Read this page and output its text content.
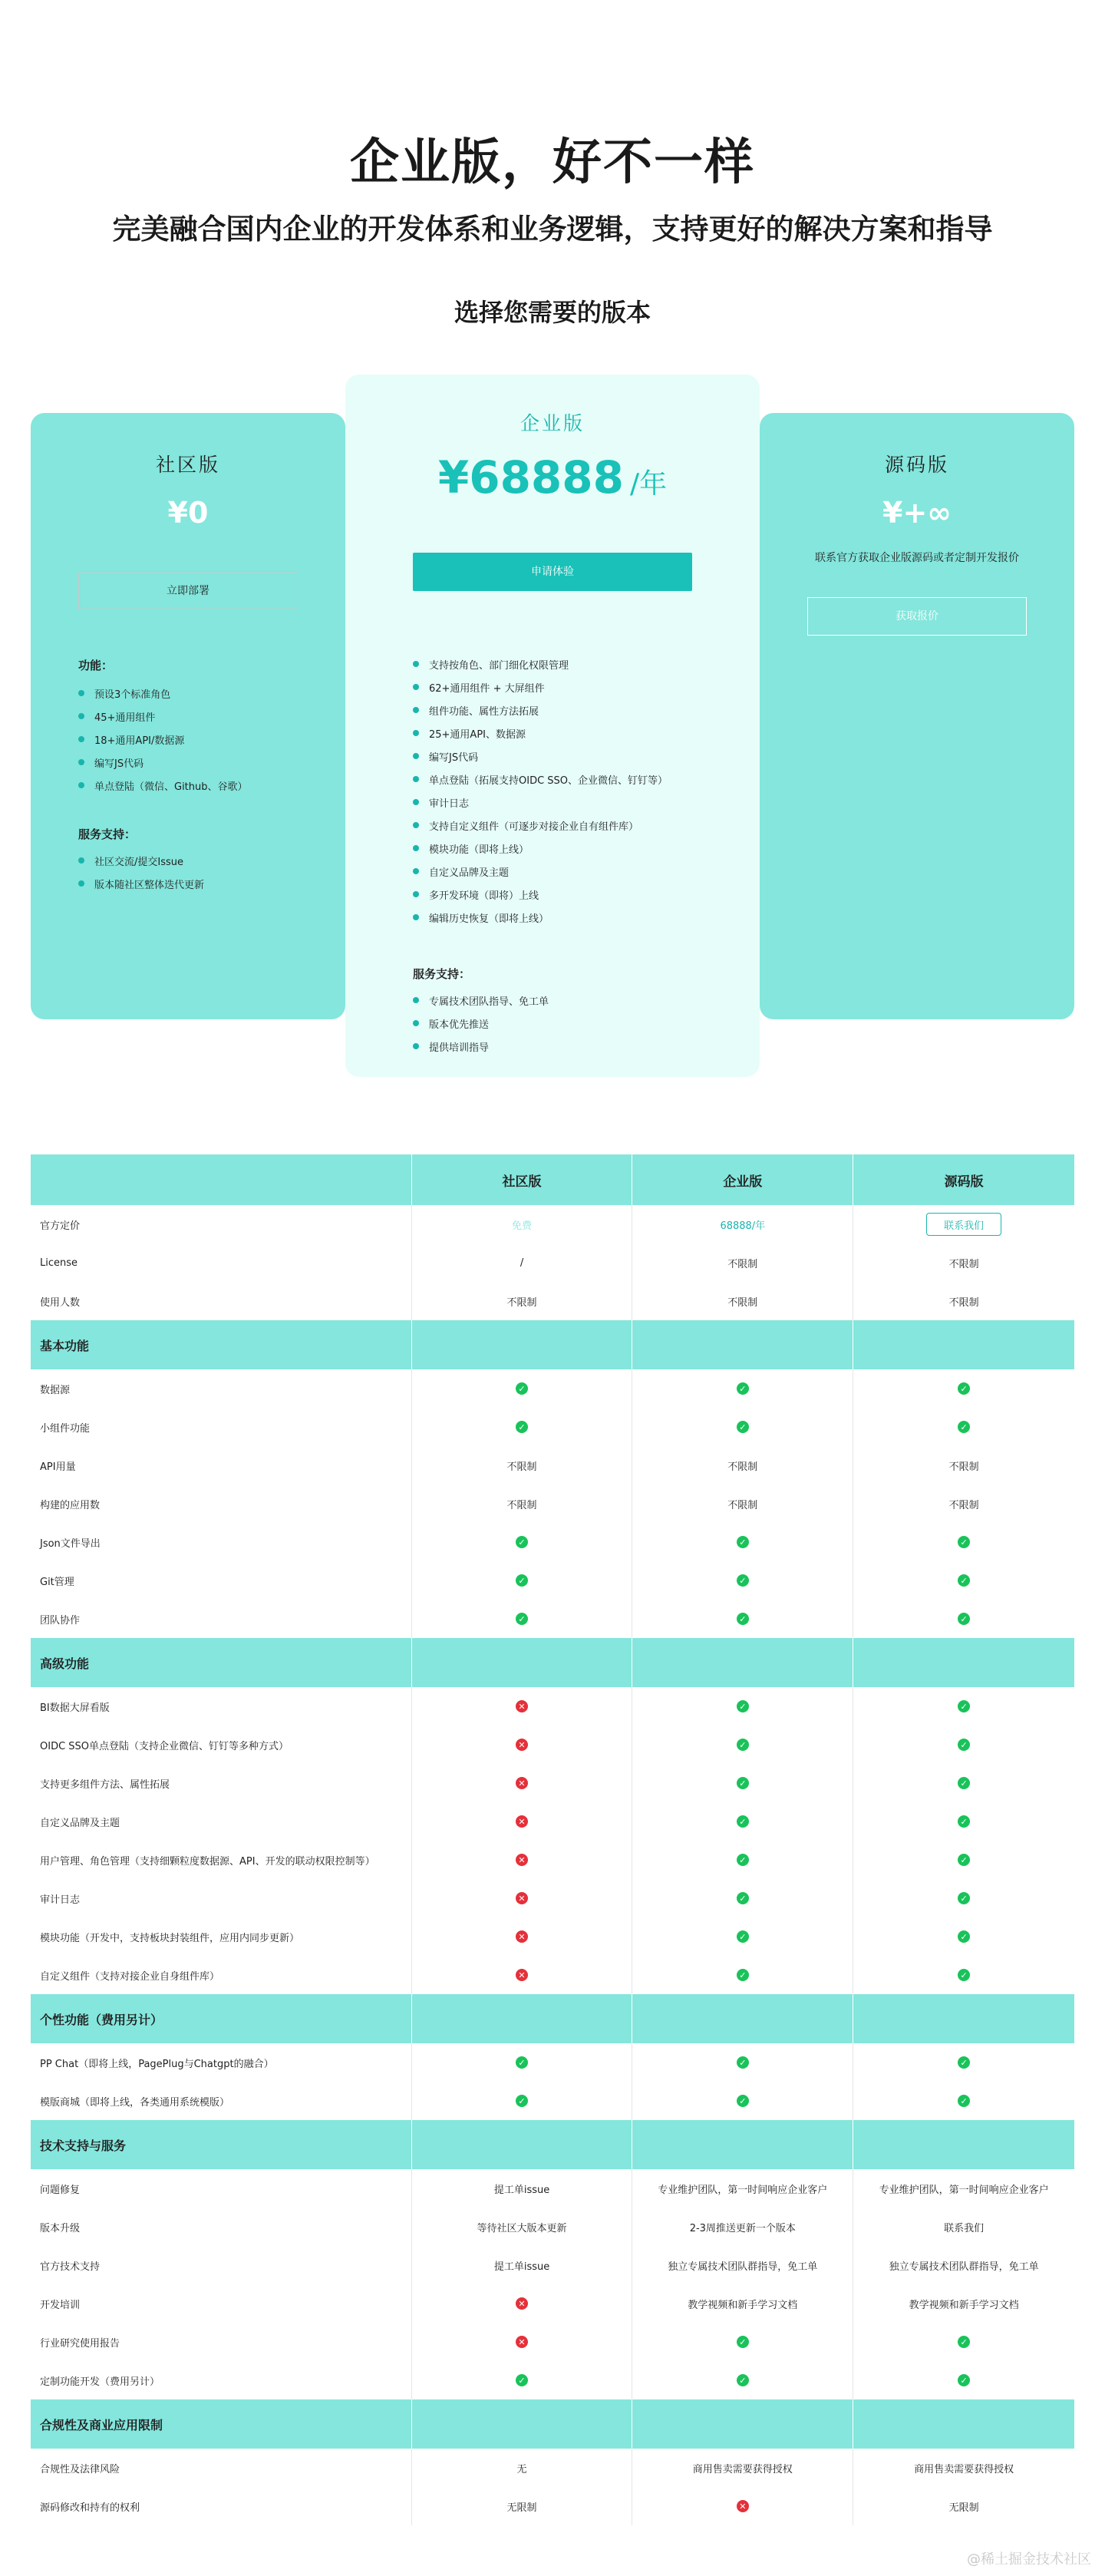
企业版，好不一样
完美融合国内企业的开发体系和业务逻辑，支持更好的解决方案和指导
选择您需要的版本
社区版
¥0
立即部署
功能：
预设3个标准角色
45+通用组件
18+通用API/数据源
编写JS代码
单点登陆（微信、Github、谷歌）
服务支持：
社区交流/提交Issue
版本随社区整体迭代更新
源码版
¥+∞
联系官方获取企业版源码或者定制开发报价
获取报价
企业版
¥68888 /年
申请体验
支持按角色、部门细化权限管理
62+通用组件 + 大屏组件
组件功能、属性方法拓展
25+通用API、数据源
编写JS代码
单点登陆（拓展支持OIDC SSO、企业微信、钉钉等）
审计日志
支持自定义组件（可逐步对接企业自有组件库）
模块功能（即将上线）
自定义品牌及主题
多开发环境（即将）上线
编辑历史恢复（即将上线）
服务支持：
专属技术团队指导、免工单
版本优先推送
提供培训指导
社区版	企业版	源码版
官方定价	免费	68888/年	联系我们
License	/	不限制	不限制
使用人数	不限制	不限制	不限制
基本功能
数据源	✓	✓	✓
小组件功能	✓	✓	✓
API用量	不限制	不限制	不限制
构建的应用数	不限制	不限制	不限制
Json文件导出	✓	✓	✓
Git管理	✓	✓	✓
团队协作	✓	✓	✓
高级功能
BI数据大屏看版	✕	✓	✓
OIDC SSO单点登陆（支持企业微信、钉钉等多种方式）	✕	✓	✓
支持更多组件方法、属性拓展	✕	✓	✓
自定义品牌及主题	✕	✓	✓
用户管理、角色管理（支持细颗粒度数据源、API、开发的联动权限控制等）	✕	✓	✓
审计日志	✕	✓	✓
模块功能（开发中，支持板块封装组件，应用内同步更新）	✕	✓	✓
自定义组件（支持对接企业自身组件库）	✕	✓	✓
个性功能（费用另计）
PP Chat（即将上线，PagePlug与Chatgpt的融合）	✓	✓	✓
模版商城（即将上线，各类通用系统模版）	✓	✓	✓
技术支持与服务
问题修复	提工单issue	专业维护团队，第一时间响应企业客户	专业维护团队，第一时间响应企业客户
版本升级	等待社区大版本更新	2-3周推送更新一个版本	联系我们
官方技术支持	提工单issue	独立专属技术团队群指导，免工单	独立专属技术团队群指导，免工单
开发培训	✕	教学视频和新手学习文档	教学视频和新手学习文档
行业研究使用报告	✕	✓	✓
定制功能开发（费用另计）	✓	✓	✓
合规性及商业应用限制
合规性及法律风险	无	商用售卖需要获得授权	商用售卖需要获得授权
源码修改和持有的权利	无限制	✕	无限制
@稀土掘金技术社区
